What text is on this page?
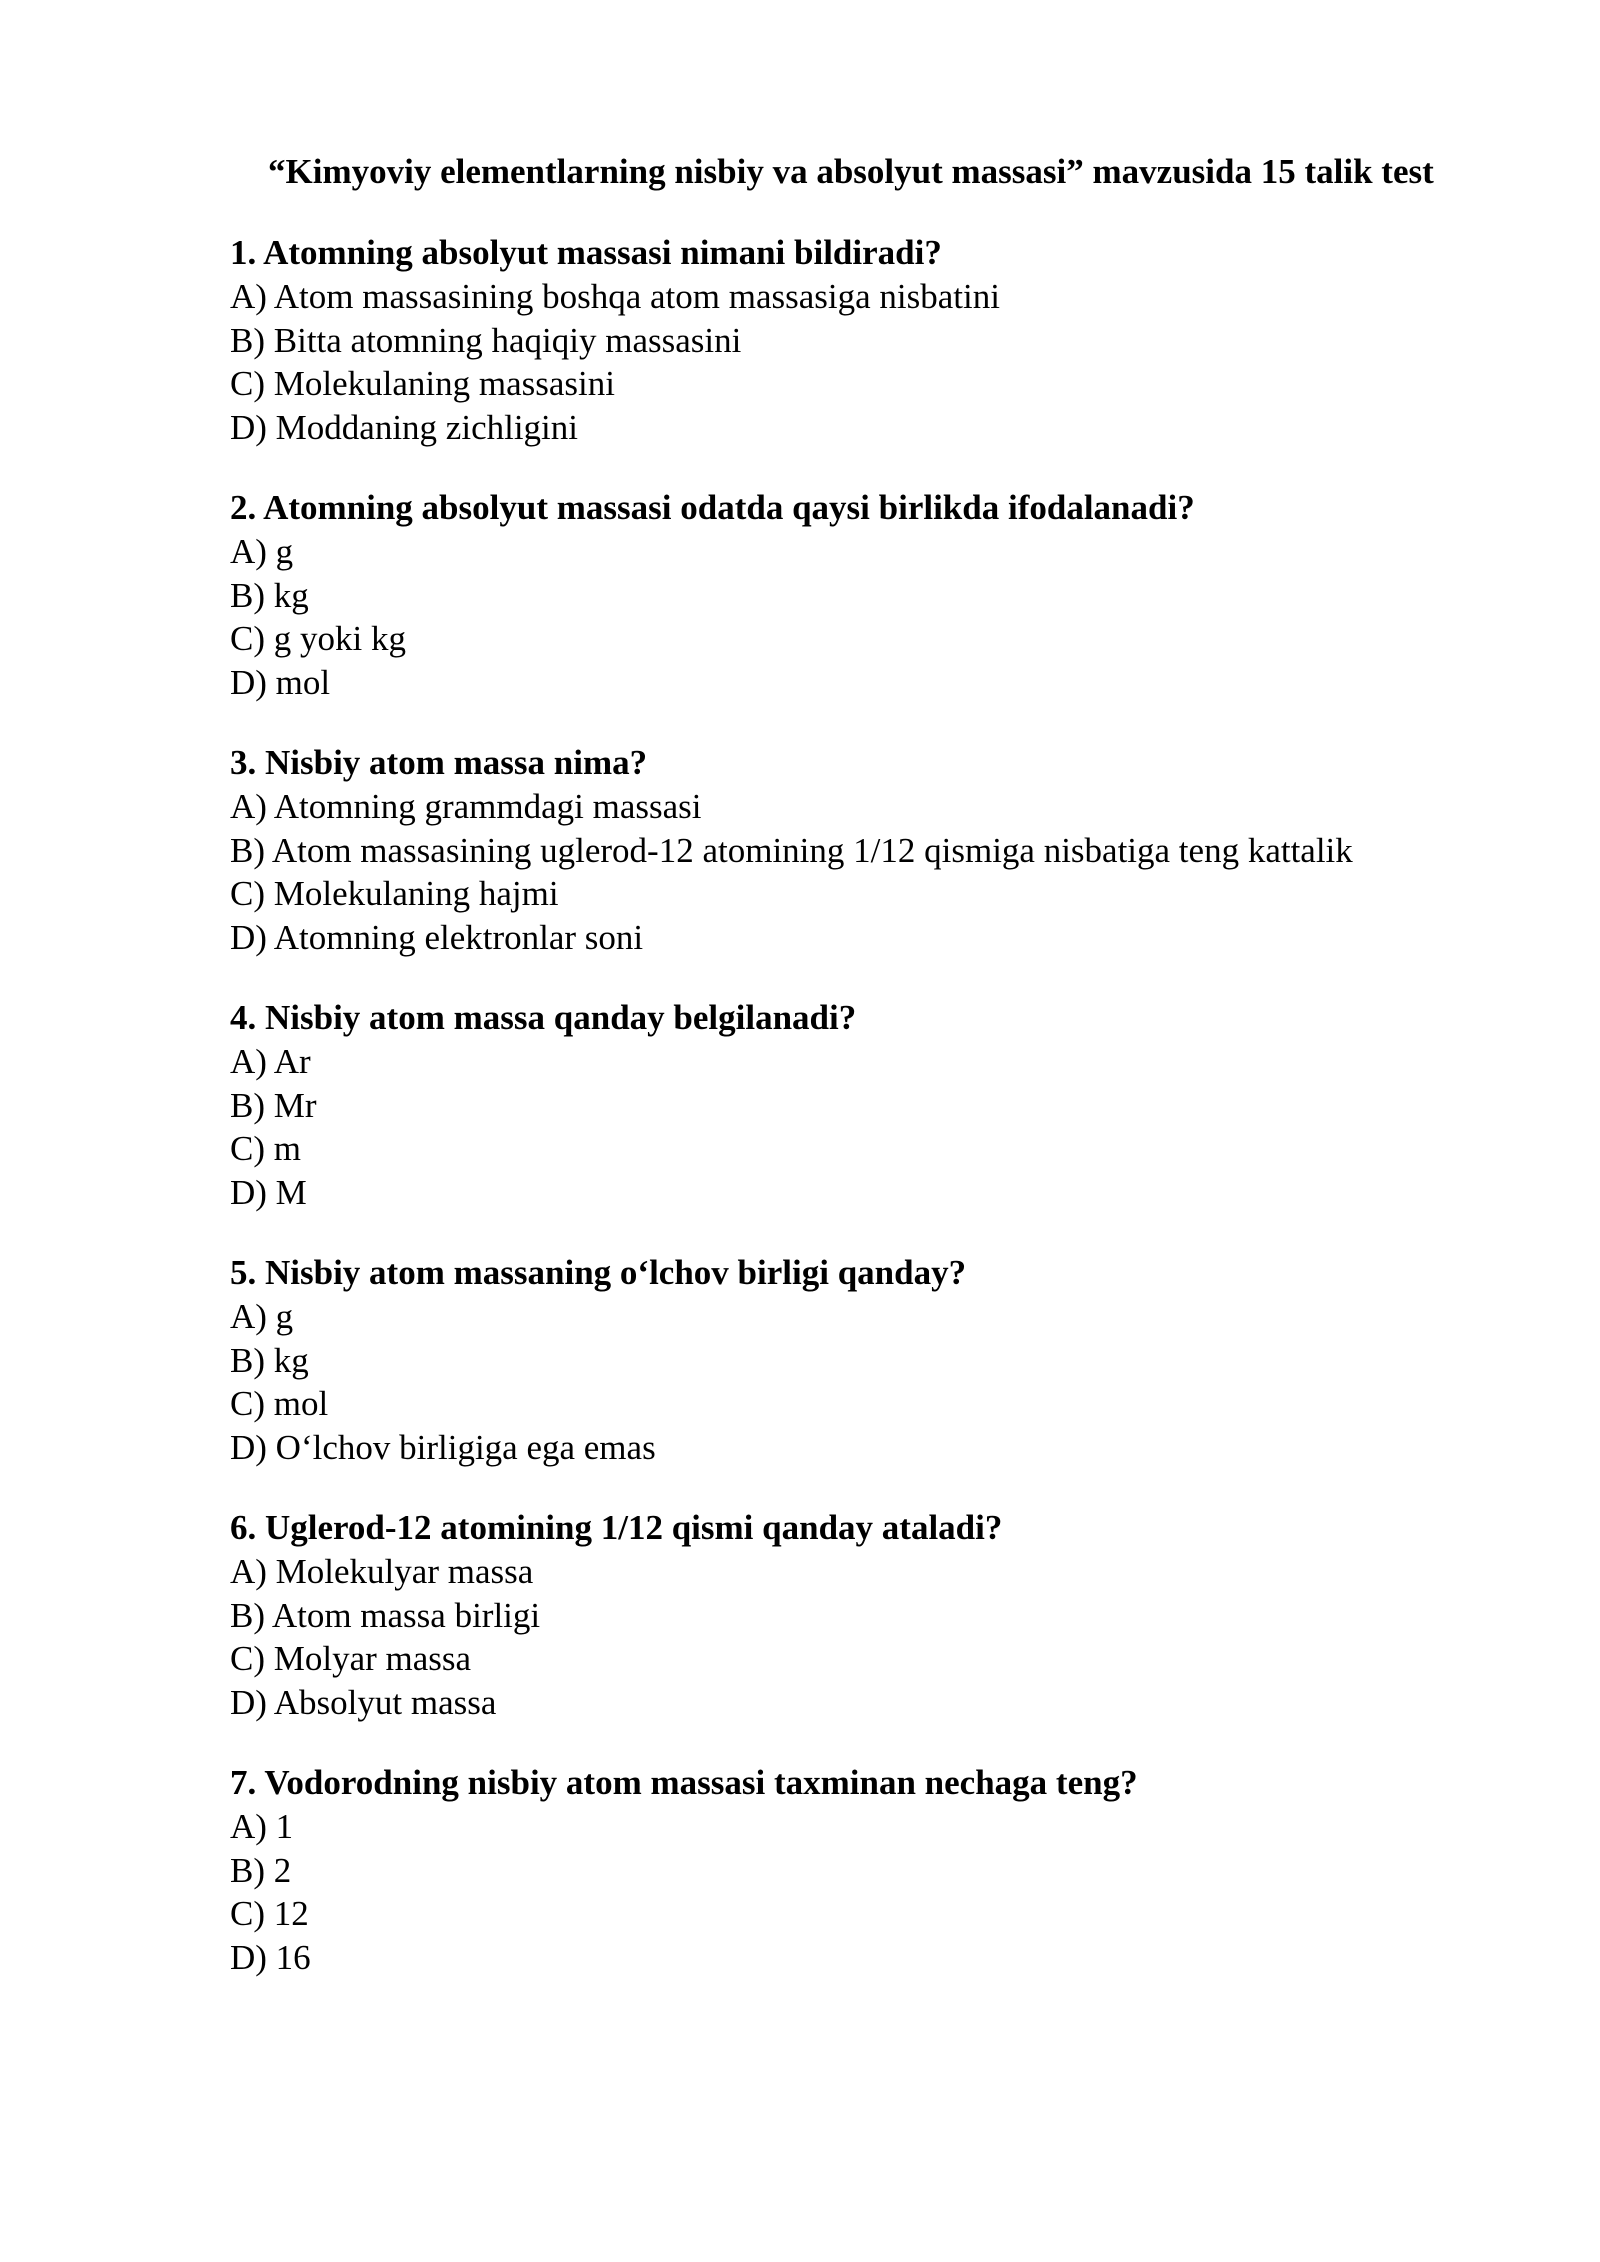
“Kimyoviy elementlarning nisbiy va absolyut massasi” mavzusida 15 talik test

1. Atomning absolyut massasi nimani bildiradi?

A) Atom massasining boshqa atom massasiga nisbatini

B) Bitta atomning haqiqiy massasini

C) Molekulaning massasini

D) Moddaning zichligini

2. Atomning absolyut massasi odatda qaysi birlikda ifodalanadi?

A) g

B) kg

C) g yoki kg

D) mol

3. Nisbiy atom massa nima?

A) Atomning grammdagi massasi

B) Atom massasining uglerod-12 atomining 1/12 qismiga nisbatiga teng kattalik

C) Molekulaning hajmi

D) Atomning elektronlar soni

4. Nisbiy atom massa qanday belgilanadi?

A) Ar

B) Mr

C) m

D) M

5. Nisbiy atom massaning o‘lchov birligi qanday?

A) g

B) kg

C) mol

D) O‘lchov birligiga ega emas

6. Uglerod-12 atomining 1/12 qismi qanday ataladi?

A) Molekulyar massa

B) Atom massa birligi

C) Molyar massa

D) Absolyut massa

7. Vodorodning nisbiy atom massasi taxminan nechaga teng?

A) 1

B) 2

C) 12

D) 16
